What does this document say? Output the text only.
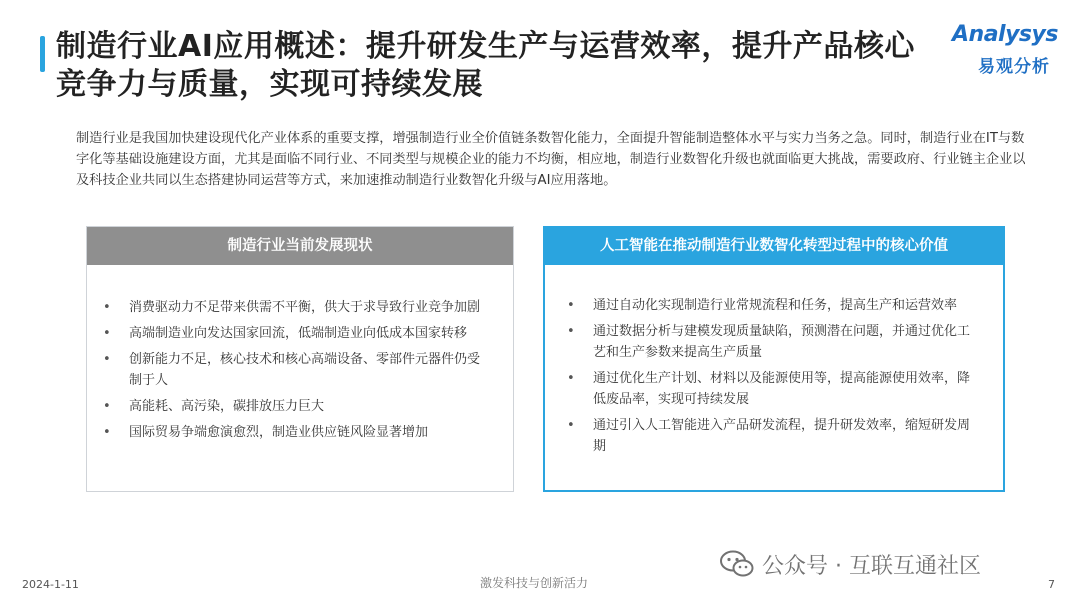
制造行业AI应用概述：提升研发生产与运营效率，提升产品核心竞争力与质量，实现可持续发展
Analysys
易观分析
制造行业是我国加快建设现代化产业体系的重要支撑，增强制造行业全价值链条数智化能力，全面提升智能制造整体水平与实力当务之急。同时，制造行业在IT与数字化等基础设施建设方面，尤其是面临不同行业、不同类型与规模企业的能力不均衡，相应地，制造行业数智化升级也就面临更大挑战，需要政府、行业链主企业以及科技企业共同以生态搭建协同运营等方式，来加速推动制造行业数智化升级与AI应用落地。
制造行业当前发展现状
• 消费驱动力不足带来供需不平衡，供大于求导致行业竞争加剧
• 高端制造业向发达国家回流，低端制造业向低成本国家转移
• 创新能力不足，核心技术和核心高端设备、零部件元器件仍受制于人
• 高能耗、高污染，碳排放压力巨大
• 国际贸易争端愈演愈烈，制造业供应链风险显著增加
人工智能在推动制造行业数智化转型过程中的核心价值
• 通过自动化实现制造行业常规流程和任务，提高生产和运营效率
• 通过数据分析与建模发现质量缺陷，预测潜在问题，并通过优化工艺和生产参数来提高生产质量
• 通过优化生产计划、材料以及能源使用等，提高能源使用效率，降低废品率，实现可持续发展
• 通过引入人工智能进入产品研发流程，提升研发效率，缩短研发周期
2024-1-11	激发科技与创新活力	7
公众号 · 互联互通社区
